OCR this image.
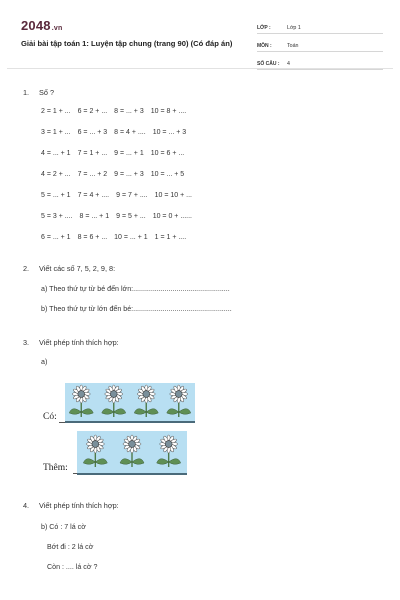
2048.vn
Giải bài tập toán 1: Luyện tập chung (trang 90) (Có đáp án)
LỚP :	Lớp 1
MÔN :	Toán
SỐ CÂU :	4
1. Số ?
2 = 1 + ... 6 = 2 + ... 8 = ... + 3 10 = 8 + ....
3 = 1 + ... 6 = ... + 3 8 = 4 + .... 10 = ... + 3
4 = ... + 1 7 = 1 + ... 9 = ... + 1 10 = 6 + ...
4 = 2 + ... 7 = ... + 2 9 = ... + 3 10 = ... + 5
5 = ... + 1 7 = 4 + .... 9 = 7 + .... 10 = 10 + ...
5 = 3 + .... 8 = ... + 1 9 = 5 + ... 10 = 0 + ......
6 = ... + 1 8 = 6 + ... 10 = ... + 1 1 = 1 + ....
2. Viết các số 7, 5, 2, 9, 8:
a) Theo thứ tự từ bé đến lớn:.................................................
b) Theo thứ tự từ lớn đến bé:..................................................
3. Viết phép tính thích hợp:
a)
Có:
Thêm:
4. Viết phép tính thích hợp:
b) Có : 7 lá cờ
Bớt đi : 2 lá cờ
Còn : .... lá cờ ?
